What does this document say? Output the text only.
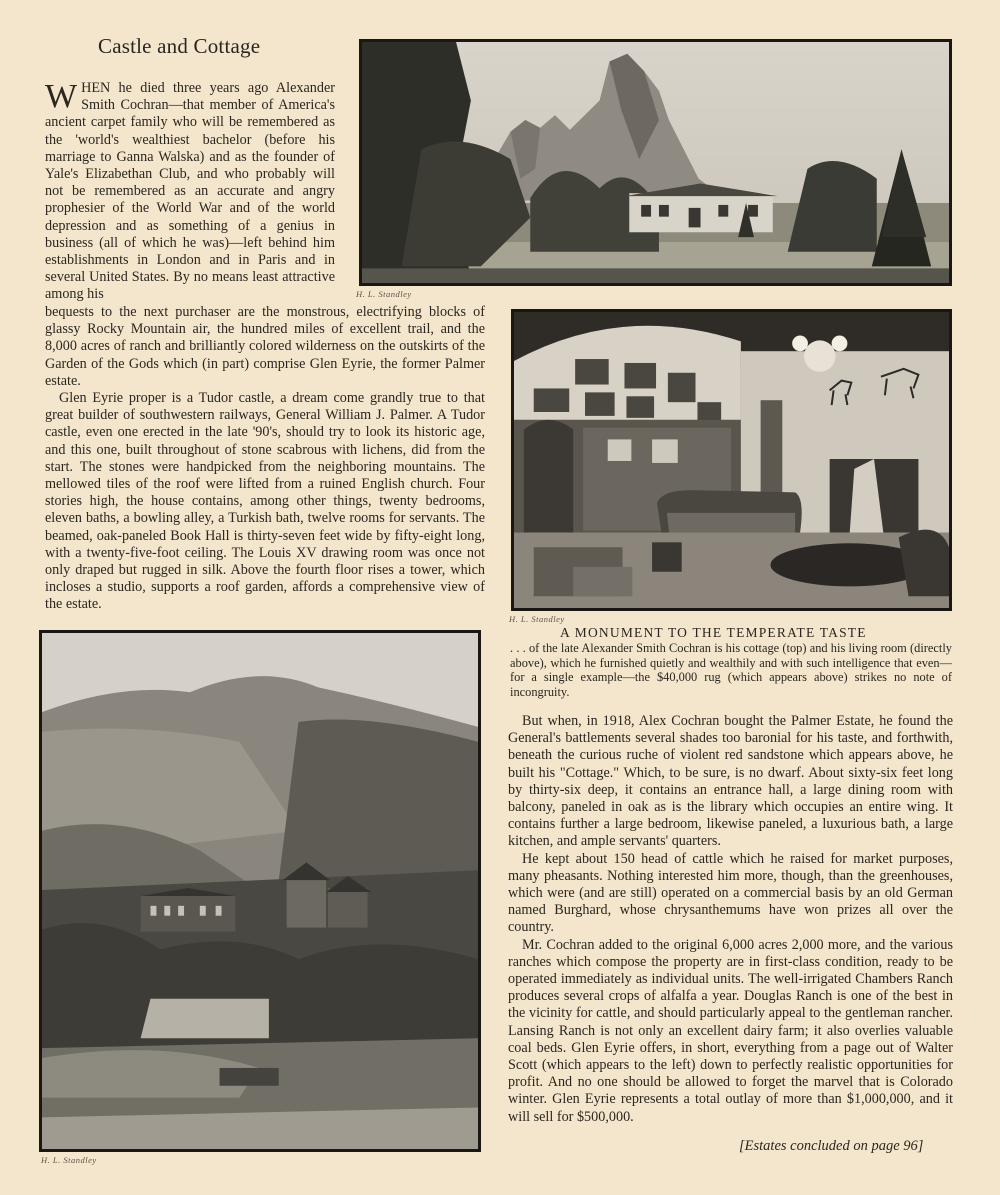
Castle and Cottage

WHEN he died three years ago Alexander Smith Cochran—that member of America's ancient carpet family who will be remembered as the 'world's wealthiest bachelor (before his marriage to Ganna Walska) and as the founder of Yale's Elizabethan Club, and who probably will not be remembered as an accurate and angry prophesier of the World War and of the world depression and as something of a genius in business (all of which he was)—left behind him establishments in London and in Paris and in several United States. By no means least attractive among his

bequests to the next purchaser are the monstrous, electrifying blocks of glassy Rocky Mountain air, the hundred miles of excellent trail, and the 8,000 acres of ranch and brilliantly colored wilderness on the outskirts of the Garden of the Gods which (in part) comprise Glen Eyrie, the former Palmer estate.

Glen Eyrie proper is a Tudor castle, a dream come grandly true to that great builder of southwestern railways, General William J. Palmer. A Tudor castle, even one erected in the late '90's, should try to look its historic age, and this one, built throughout of stone scabrous with lichens, did from the start. The stones were handpicked from the neighboring mountains. The mellowed tiles of the roof were lifted from a ruined English church. Four stories high, the house contains, among other things, twenty bedrooms, eleven baths, a bowling alley, a Turkish bath, twelve rooms for servants. The beamed, oak-paneled Book Hall is thirty-seven feet wide by fifty-eight long, with a twenty-five-foot ceiling. The Louis XV drawing room was once not only draped but rugged in silk. Above the fourth floor rises a tower, which incloses a studio, supports a roof garden, affords a comprehensive view of the estate.

H. L. Standley
H. L. Standley
A MONUMENT TO THE TEMPERATE TASTE
. . . of the late Alexander Smith Cochran is his cottage (top) and his living room (directly above), which he furnished quietly and wealthily and with such intelligence that even—for a single example—the $40,000 rug (which appears above) strikes no note of incongruity.
H. L. Standley

But when, in 1918, Alex Cochran bought the Palmer Estate, he found the General's battlements several shades too baronial for his taste, and forthwith, beneath the curious ruche of violent red sandstone which appears above, he built his "Cottage." Which, to be sure, is no dwarf. About sixty-six feet long by thirty-six deep, it contains an entrance hall, a large dining room with balcony, paneled in oak as is the library which occupies an entire wing. It contains further a large bedroom, likewise paneled, a luxurious bath, a large kitchen, and ample servants' quarters.

He kept about 150 head of cattle which he raised for market purposes, many pheasants. Nothing interested him more, though, than the greenhouses, which were (and are still) operated on a commercial basis by an old German named Burghard, whose chrysanthemums have won prizes all over the country.

Mr. Cochran added to the original 6,000 acres 2,000 more, and the various ranches which compose the property are in first-class condition, ready to be operated immediately as individual units. The well-irrigated Chambers Ranch produces several crops of alfalfa a year. Douglas Ranch is one of the best in the vicinity for cattle, and should particularly appeal to the gentleman rancher. Lansing Ranch is not only an excellent dairy farm; it also overlies valuable coal beds. Glen Eyrie offers, in short, everything from a page out of Walter Scott (which appears to the left) down to perfectly realistic opportunities for profit. And no one should be allowed to forget the marvel that is Colorado winter. Glen Eyrie represents a total outlay of more than $1,000,000, and it will sell for $500,000.

[Estates concluded on page 96]
